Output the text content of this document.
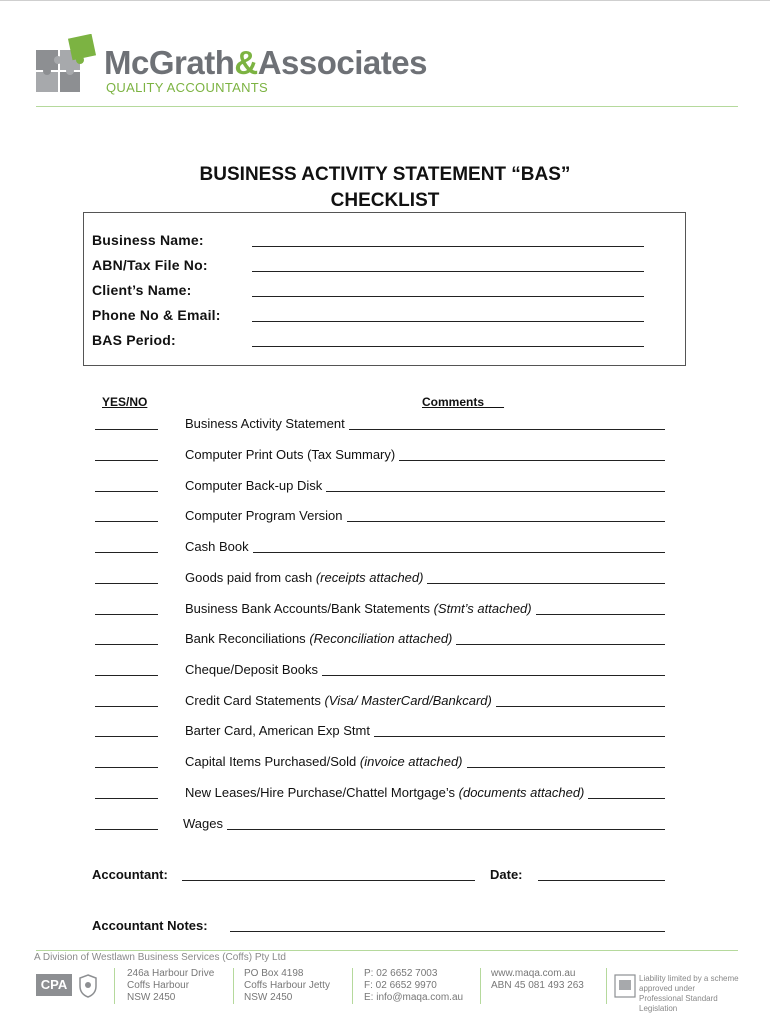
McGrath&Associates
QUALITY ACCOUNTANTS
BUSINESS ACTIVITY STATEMENT “BAS”
CHECKLIST
Business Name:
ABN/Tax File No:
Client’s Name:
Phone No & Email:
BAS Period:
YES/NO	Comments
Business Activity Statement
Computer Print Outs (Tax Summary)
Computer Back-up Disk
Computer Program Version
Cash Book
Goods paid from cash (receipts attached)
Business Bank Accounts/Bank Statements (Stmt’s attached)
Bank Reconciliations (Reconciliation attached)
Cheque/Deposit Books
Credit Card Statements (Visa/ MasterCard/Bankcard)
Barter Card, American Exp Stmt
Capital Items Purchased/Sold (invoice attached)
New Leases/Hire Purchase/Chattel Mortgage’s (documents attached)
Wages
Accountant:	Date:
Accountant Notes:
A Division of Westlawn Business Services (Coffs) Pty Ltd
CPA
246a Harbour Drive
Coffs Harbour
NSW 2450
PO Box 4198
Coffs Harbour Jetty
NSW 2450
P: 02 6652 7003
F: 02 6652 9970
E: info@maqa.com.au
www.maqa.com.au
ABN 45 081 493 263
Liability limited by a scheme approved under Professional Standard Legislation
